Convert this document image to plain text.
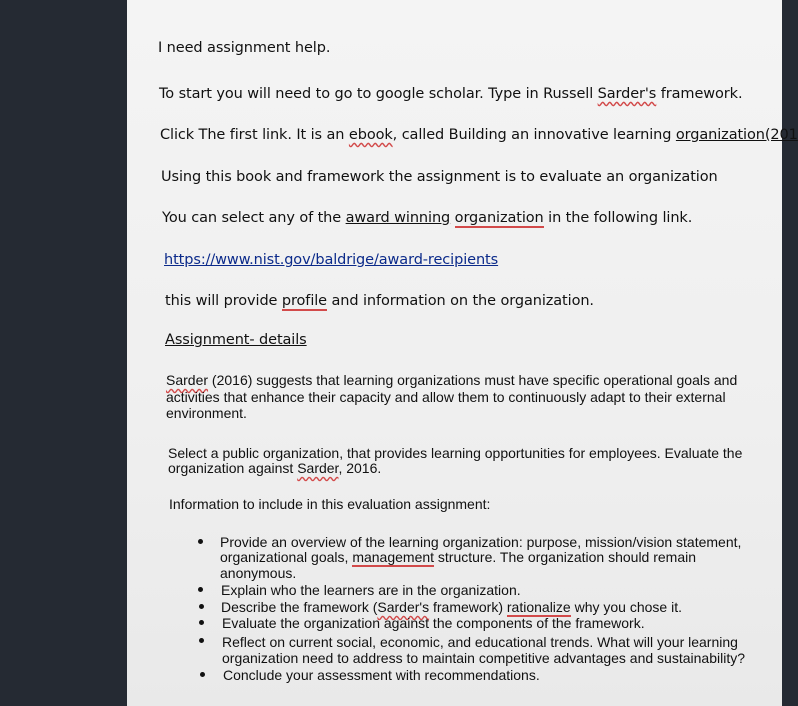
I need assignment help.
To start you will need to go to google scholar. Type in Russell Sarder's framework.
Click The first link. It is an ebook, called Building an innovative learning organization(201
Using this book and framework the assignment is to evaluate an organization
You can select any of the award winning organization in the following link.
https://www.nist.gov/baldrige/award-recipients
this will provide profile and information on the organization.
Assignment- details
Sarder (2016) suggests that learning organizations must have specific operational goals and
activities that enhance their capacity and allow them to continuously adapt to their external
environment.
Select a public organization, that provides learning opportunities for employees. Evaluate the
organization against Sarder, 2016.
Information to include in this evaluation assignment:
Provide an overview of the learning organization: purpose, mission/vision statement,
organizational goals, management structure. The organization should remain
anonymous.
Explain who the learners are in the organization.
Describe the framework (Sarder's framework) rationalize why you chose it.
Evaluate the organization against the components of the framework.
Reflect on current social, economic, and educational trends. What will your learning
organization need to address to maintain competitive advantages and sustainability?
Conclude your assessment with recommendations.
